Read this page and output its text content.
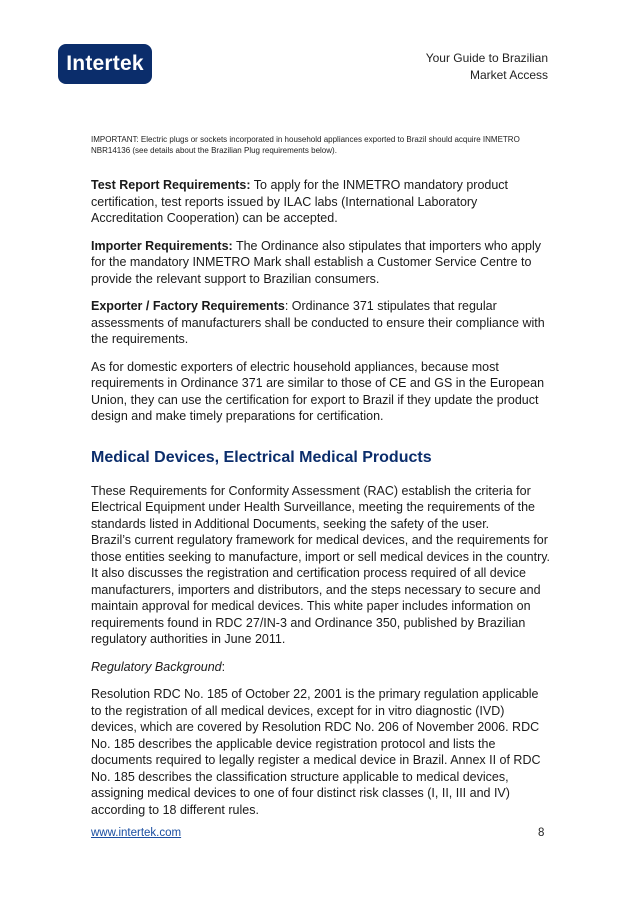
Intertek	Your Guide to Brazilian
Market Access

IMPORTANT: Electric plugs or sockets incorporated in household appliances exported to Brazil should acquire INMETRO NBR14136 (see details about the Brazilian Plug requirements below).

Test Report Requirements: To apply for the INMETRO mandatory product certification, test reports issued by ILAC labs (International Laboratory Accreditation Cooperation) can be accepted.

Importer Requirements: The Ordinance also stipulates that importers who apply for the mandatory INMETRO Mark shall establish a Customer Service Centre to provide the relevant support to Brazilian consumers.

Exporter / Factory Requirements: Ordinance 371 stipulates that regular assessments of manufacturers shall be conducted to ensure their compliance with the requirements.

As for domestic exporters of electric household appliances, because most requirements in Ordinance 371 are similar to those of CE and GS in the European Union, they can use the certification for export to Brazil if they update the product design and make timely preparations for certification.

Medical Devices, Electrical Medical Products

These Requirements for Conformity Assessment (RAC) establish the criteria for Electrical Equipment under Health Surveillance, meeting the requirements of the standards listed in Additional Documents, seeking the safety of the user.

Brazil’s current regulatory framework for medical devices, and the requirements for those entities seeking to manufacture, import or sell medical devices in the country. It also discusses the registration and certification process required of all device manufacturers, importers and distributors, and the steps necessary to secure and maintain approval for medical devices. This white paper includes information on requirements found in RDC 27/IN-3 and Ordinance 350, published by Brazilian regulatory authorities in June 2011.

Regulatory Background:

Resolution RDC No. 185 of October 22, 2001 is the primary regulation applicable to the registration of all medical devices, except for in vitro diagnostic (IVD) devices, which are covered by Resolution RDC No. 206 of November 2006. RDC No. 185 describes the applicable device registration protocol and lists the documents required to legally register a medical device in Brazil. Annex II of RDC No. 185 describes the classification structure applicable to medical devices, assigning medical devices to one of four distinct risk classes (I, II, III and IV) according to 18 different rules.

www.intertek.com	8
